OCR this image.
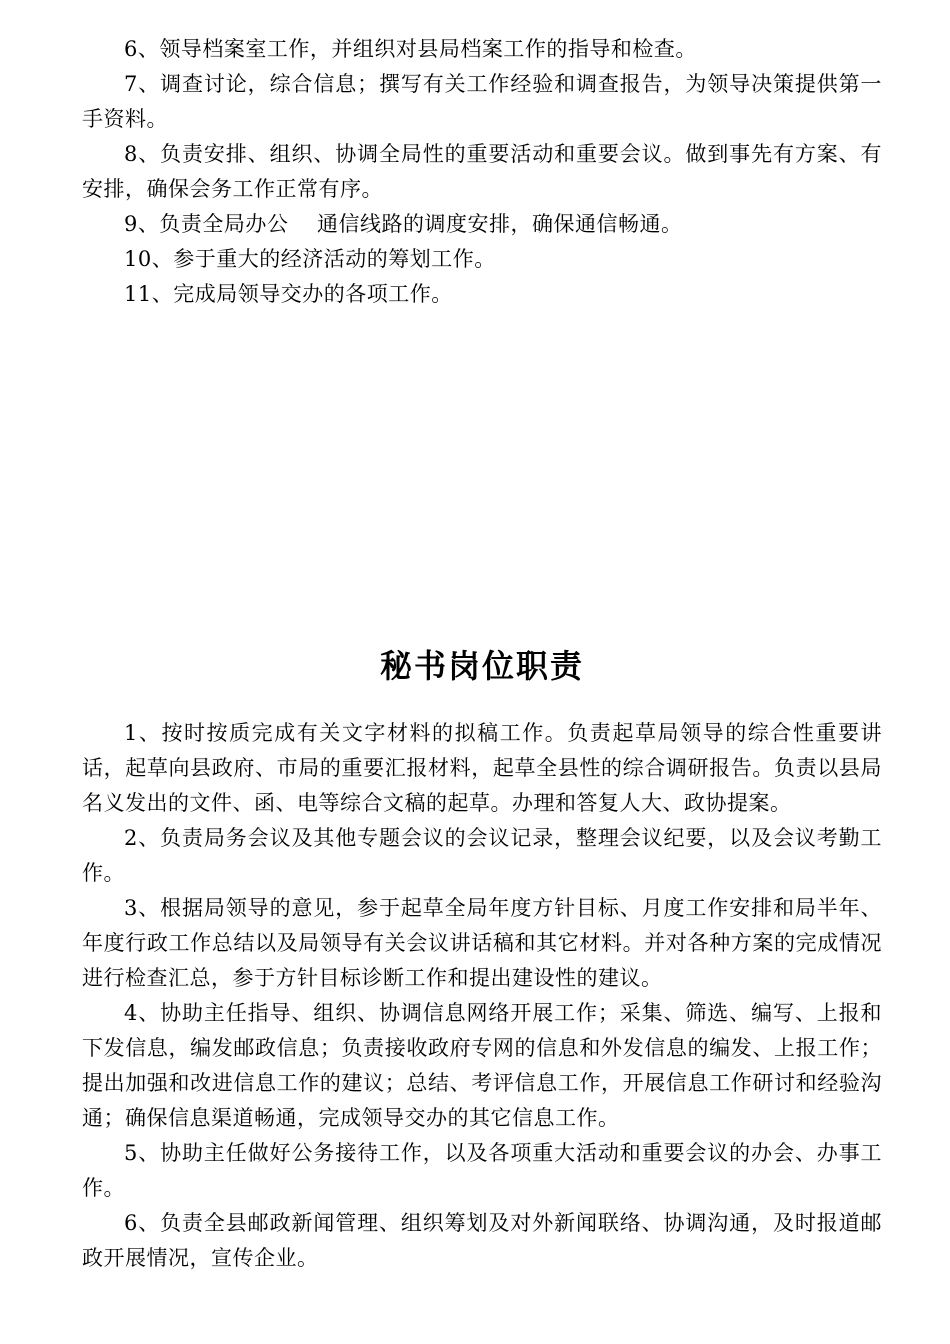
6、领导档案室工作，并组织对县局档案工作的指导和检查。

7、调查讨论，综合信息；撰写有关工作经验和调查报告，为领导决策提供第一手资料。

8、负责安排、组织、协调全局性的重要活动和重要会议。做到事先有方案、有安排，确保会务工作正常有序。

9、负责全局办公　 通信线路的调度安排，确保通信畅通。

10、参于重大的经济活动的筹划工作。

11、完成局领导交办的各项工作。

秘书岗位职责

1、按时按质完成有关文字材料的拟稿工作。负责起草局领导的综合性重要讲话，起草向县政府、市局的重要汇报材料，起草全县性的综合调研报告。负责以县局名义发出的文件、函、电等综合文稿的起草。办理和答复人大、政协提案。

2、负责局务会议及其他专题会议的会议记录，整理会议纪要，以及会议考勤工作。

3、根据局领导的意见，参于起草全局年度方针目标、月度工作安排和局半年、年度行政工作总结以及局领导有关会议讲话稿和其它材料。并对各种方案的完成情况进行检查汇总，参于方针目标诊断工作和提出建设性的建议。

4、协助主任指导、组织、协调信息网络开展工作；采集、筛选、编写、上报和下发信息，编发邮政信息；负责接收政府专网的信息和外发信息的编发、上报工作；提出加强和改进信息工作的建议；总结、考评信息工作，开展信息工作研讨和经验沟通；确保信息渠道畅通，完成领导交办的其它信息工作。

5、协助主任做好公务接待工作，以及各项重大活动和重要会议的办会、办事工作。

6、负责全县邮政新闻管理、组织筹划及对外新闻联络、协调沟通，及时报道邮政开展情况，宣传企业。
